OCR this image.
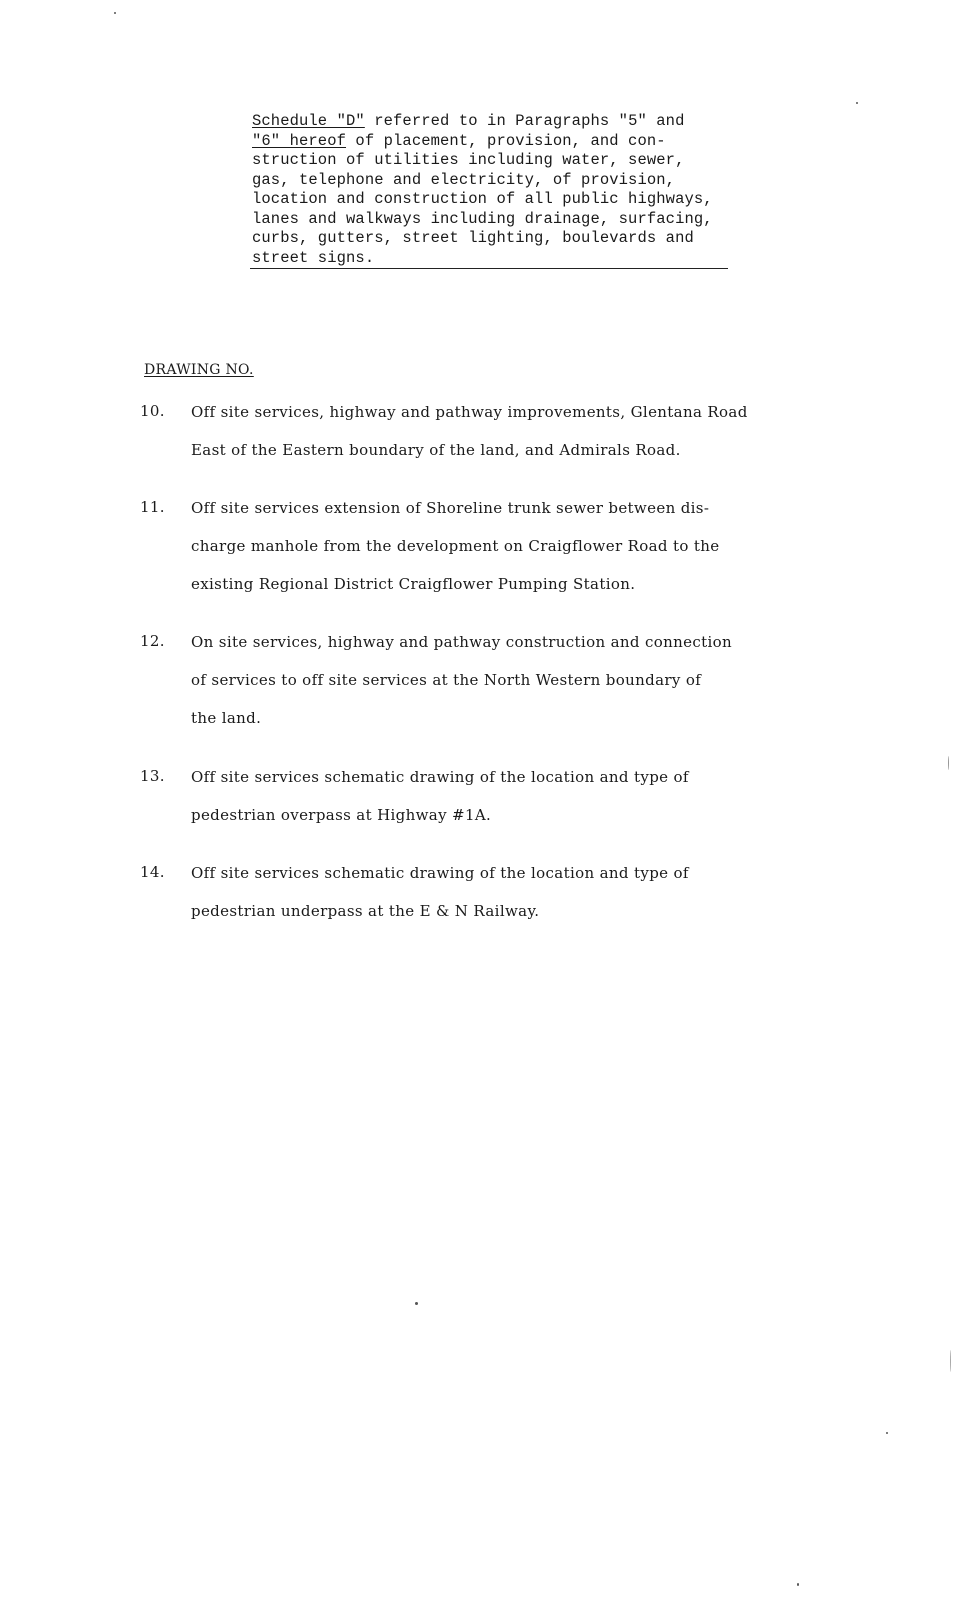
Schedule "D" referred to in Paragraphs "5" and
"6" hereof of placement, provision, and con-
struction of utilities including water, sewer,
gas, telephone and electricity, of provision,
location and construction of all public highways,
lanes and walkways including drainage, surfacing,
curbs, gutters, street lighting, boulevards and
street signs.
DRAWING NO.
10. Off site services, highway and pathway improvements, Glentana Road
East of the Eastern boundary of the land, and Admirals Road.
11. Off site services extension of Shoreline trunk sewer between dis-
charge manhole from the development on Craigflower Road to the
existing Regional District Craigflower Pumping Station.
12. On site services, highway and pathway construction and connection
of services to off site services at the North Western boundary of
the land.
13. Off site services schematic drawing of the location and type of
pedestrian overpass at Highway #1A.
14. Off site services schematic drawing of the location and type of
pedestrian underpass at the E & N Railway.
